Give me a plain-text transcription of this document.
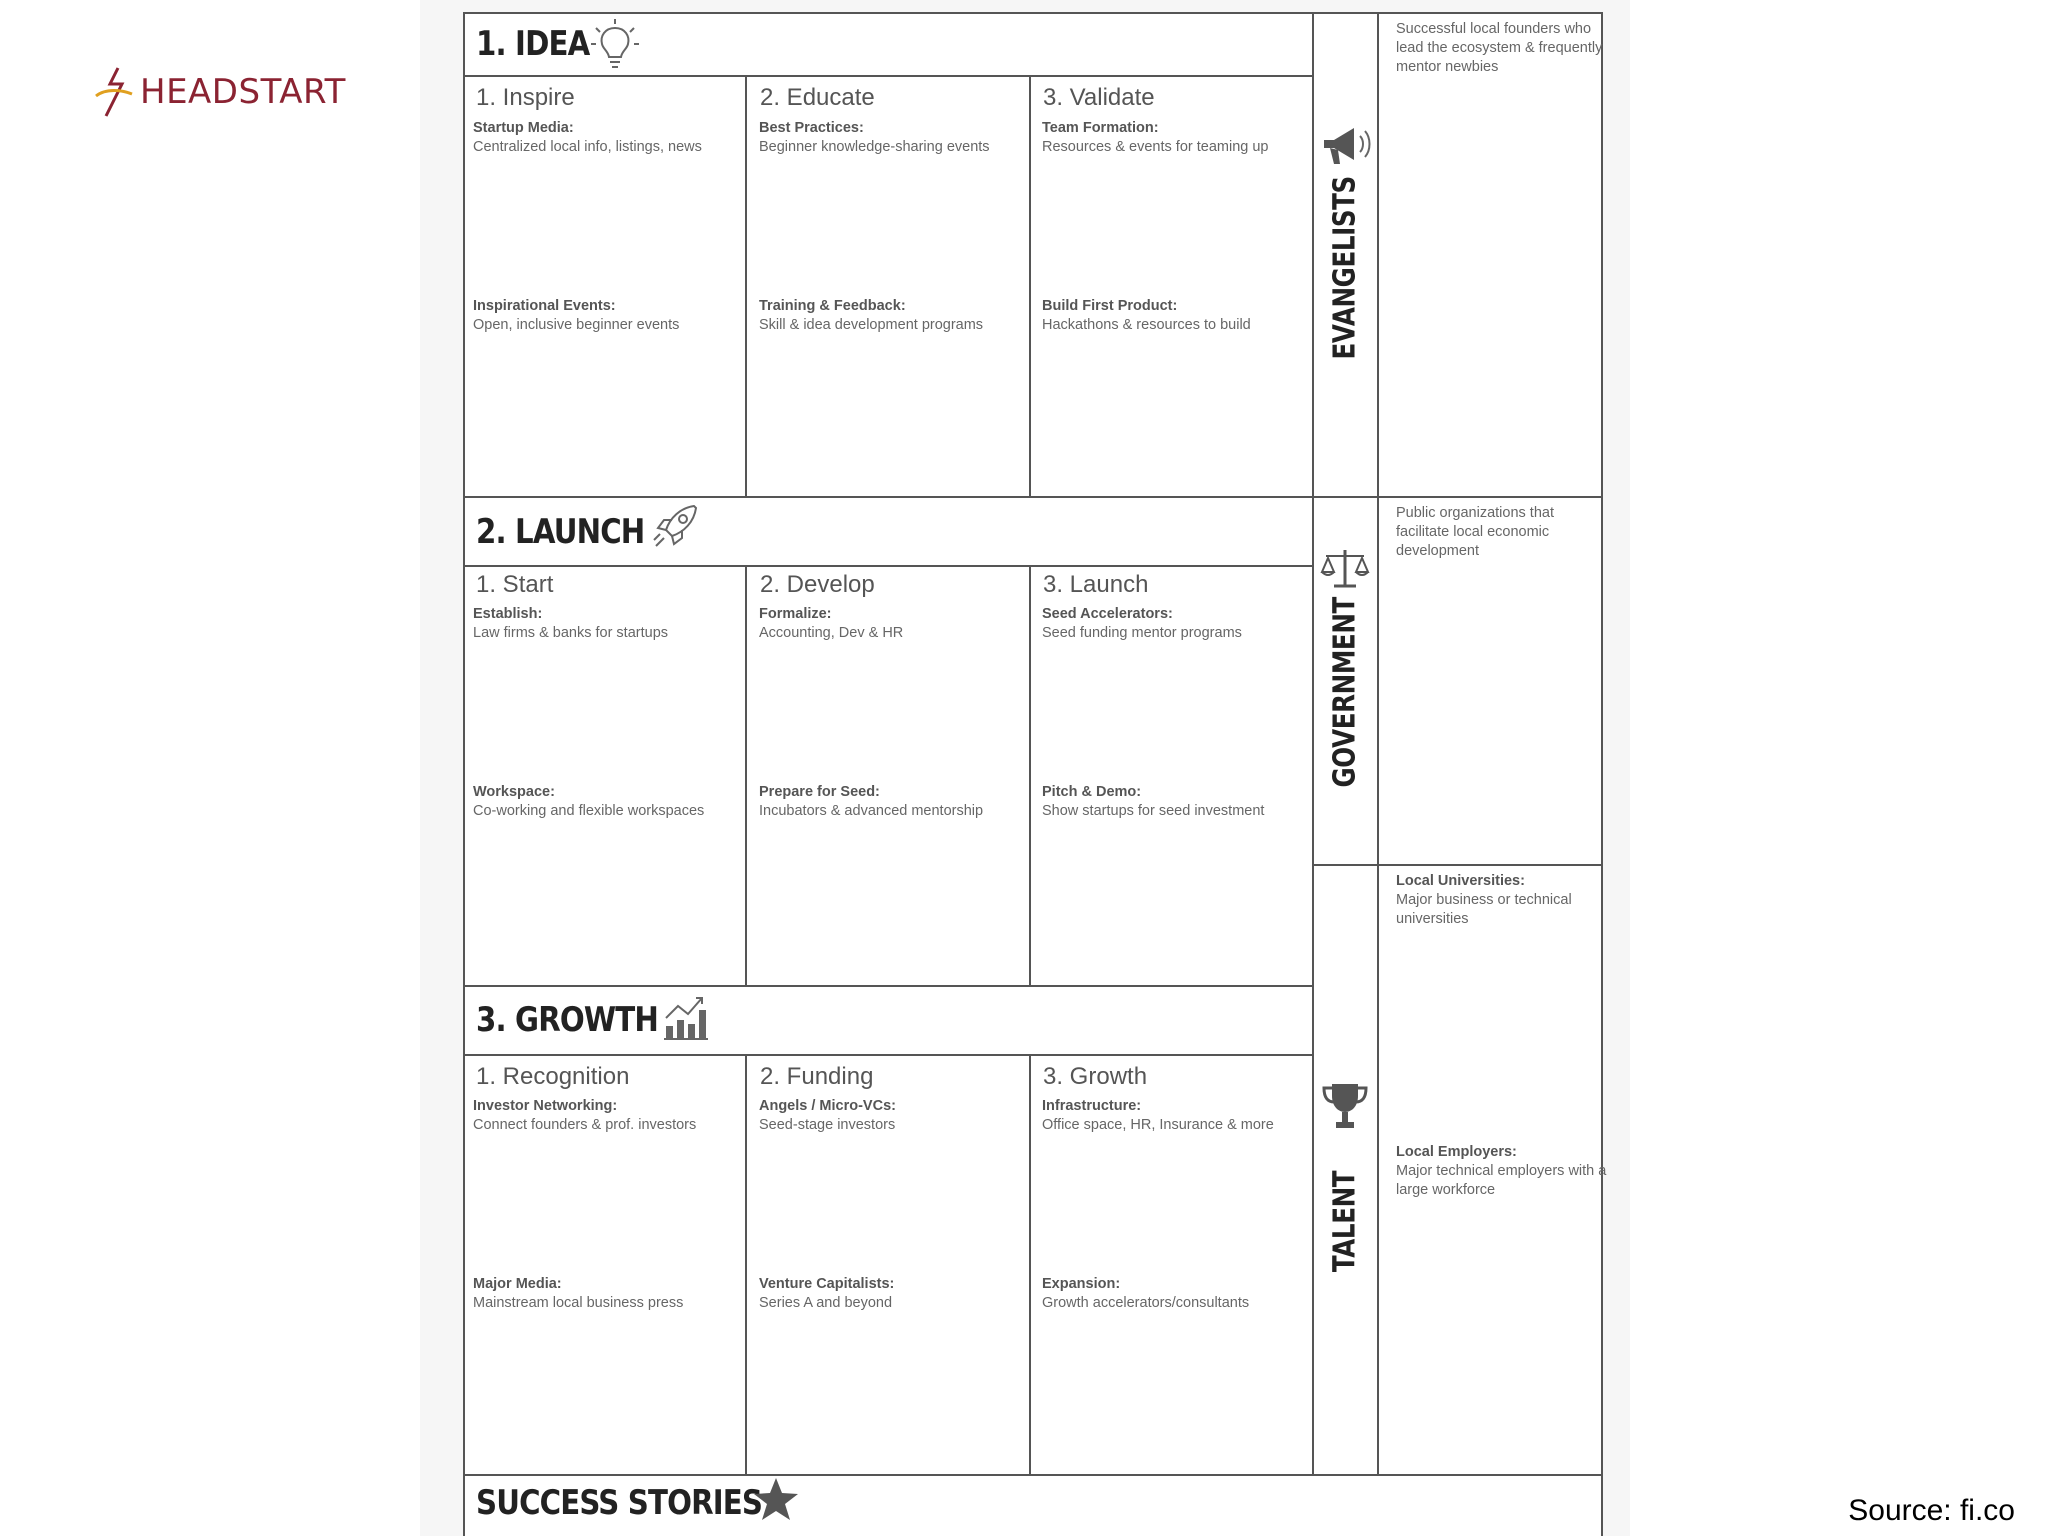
HEADSTART
1. IDEA
1. Inspire
Startup Media:
Centralized local info, listings, news
Inspirational Events:
Open, inclusive beginner events
2. Educate
Best Practices:
Beginner knowledge-sharing events
Training & Feedback:
Skill & idea development programs
3. Validate
Team Formation:
Resources & events for teaming up
Build First Product:
Hackathons & resources to build
2. LAUNCH
1. Start
Establish:
Law firms & banks for startups
Workspace:
Co-working and flexible workspaces
2. Develop
Formalize:
Accounting, Dev & HR
Prepare for Seed:
Incubators & advanced mentorship
3. Launch
Seed Accelerators:
Seed funding mentor programs
Pitch & Demo:
Show startups for seed investment
3. GROWTH
1. Recognition
Investor Networking:
Connect founders & prof. investors
Major Media:
Mainstream local business press
2. Funding
Angels / Micro-VCs:
Seed-stage investors
Venture Capitalists:
Series A and beyond
3. Growth
Infrastructure:
Office space, HR, Insurance & more
Expansion:
Growth accelerators/consultants
EVANGELISTS
Successful local founders who lead the ecosystem & frequently mentor newbies
GOVERNMENT
Public organizations that facilitate local economic development
TALENT
Local Universities:
Major business or technical universities
Local Employers:
Major technical employers with a large workforce
SUCCESS STORIES	Source: fi.co
